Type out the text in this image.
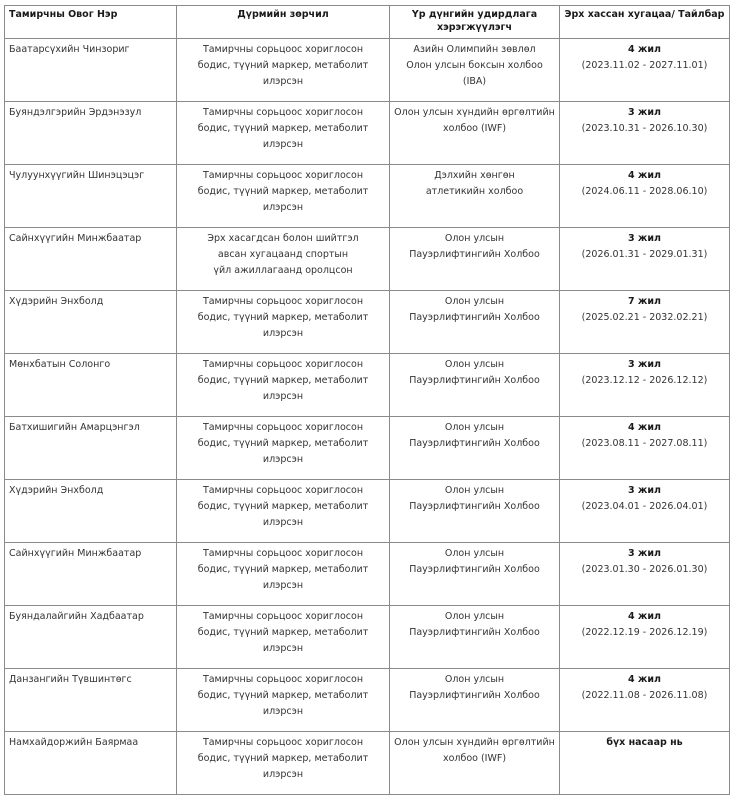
Тамирчны Овог Нэр	Дүрмийн зөрчил	Үр дүнгийн удирдлага хэрэгжүүлэгч	Эрх хассан хугацаа/ Тайлбар
Баатарсүхийн Чинзориг	Тамирчны сорьцоос хориглосон
бодис, түүний маркер, метаболит
илэрсэн	Азийн Олимпийн зөвлөл
Олон улсын боксын холбоо (IBA)	4 жил
(2023.11.02 - 2027.11.01)

Буяндэлгэрийн Эрдэнэзул	Тамирчны сорьцоос хориглосон
бодис, түүний маркер, метаболит
илэрсэн	Олон улсын хүндийн өргөлтийн
холбоо (IWF)	3 жил
(2023.10.31 - 2026.10.30)

Чулуунхүүгийн Шинэцэцэг	Тамирчны сорьцоос хориглосон
бодис, түүний маркер, метаболит
илэрсэн	Дэлхийн хөнгөн
атлетикийн холбоо	4 жил
(2024.06.11 - 2028.06.10)

Сайнхүүгийн Минжбаатар	Эрх хасагдсан болон шийтгэл
авсан хугацаанд спортын
үйл ажиллагаанд оролцсон	Олон улсын
Пауэрлифтингийн Холбоо	3 жил
(2026.01.31 - 2029.01.31)

Хүдэрийн Энхболд	Тамирчны сорьцоос хориглосон
бодис, түүний маркер, метаболит
илэрсэн	Олон улсын
Пауэрлифтингийн Холбоо	7 жил
(2025.02.21 - 2032.02.21)

Мөнхбатын Солонго	Тамирчны сорьцоос хориглосон
бодис, түүний маркер, метаболит
илэрсэн	Олон улсын
Пауэрлифтингийн Холбоо	3 жил
(2023.12.12 - 2026.12.12)

Батхишигийн Амарцэнгэл	Тамирчны сорьцоос хориглосон
бодис, түүний маркер, метаболит
илэрсэн	Олон улсын
Пауэрлифтингийн Холбоо	4 жил
(2023.08.11 - 2027.08.11)

Хүдэрийн Энхболд	Тамирчны сорьцоос хориглосон
бодис, түүний маркер, метаболит
илэрсэн	Олон улсын
Пауэрлифтингийн Холбоо	3 жил
(2023.04.01 - 2026.04.01)

Сайнхүүгийн Минжбаатар	Тамирчны сорьцоос хориглосон
бодис, түүний маркер, метаболит
илэрсэн	Олон улсын
Пауэрлифтингийн Холбоо	3 жил
(2023.01.30 - 2026.01.30)

Буяндалайгийн Хадбаатар	Тамирчны сорьцоос хориглосон
бодис, түүний маркер, метаболит
илэрсэн	Олон улсын
Пауэрлифтингийн Холбоо	4 жил
(2022.12.19 - 2026.12.19)

Данзангийн Түвшинтөгс	Тамирчны сорьцоос хориглосон
бодис, түүний маркер, метаболит
илэрсэн	Олон улсын
Пауэрлифтингийн Холбоо	4 жил
(2022.11.08 - 2026.11.08)

Намхайдоржийн Баярмаа	Тамирчны сорьцоос хориглосон
бодис, түүний маркер, метаболит
илэрсэн	Олон улсын хүндийн өргөлтийн
холбоо (IWF)	бүх насаар нь
